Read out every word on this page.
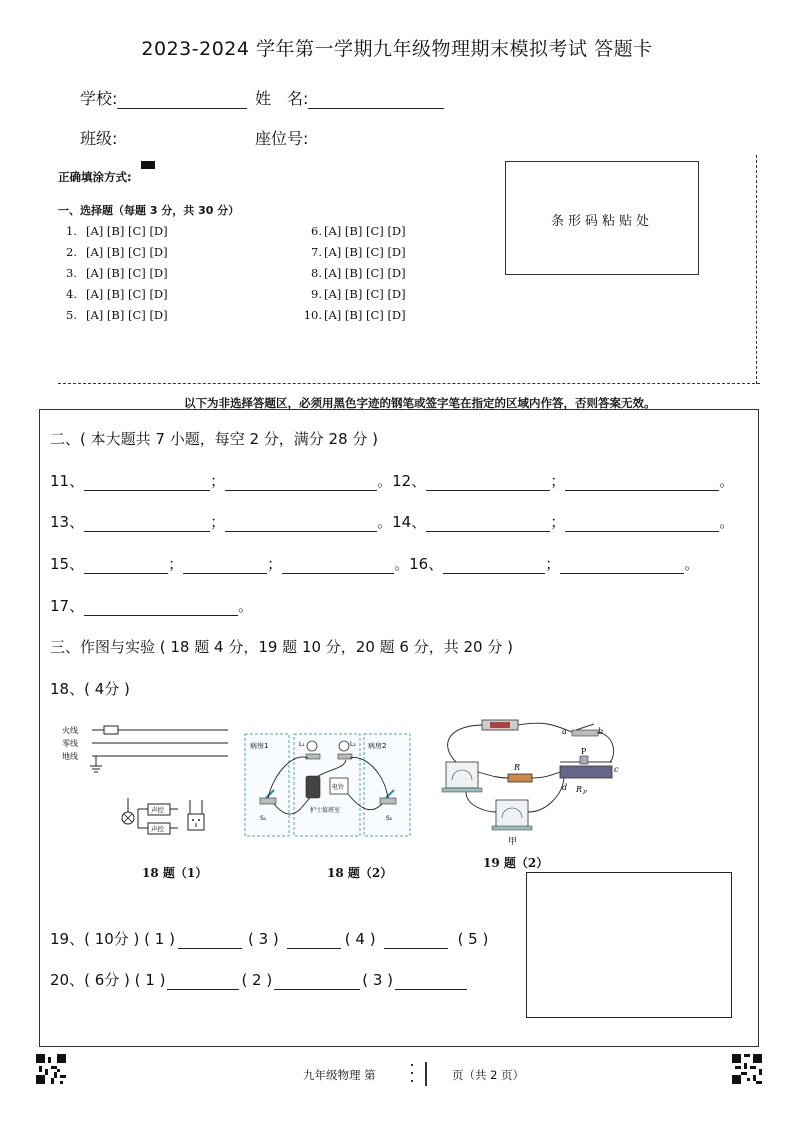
2023-2024 学年第一学期九年级物理期末模拟考试 答题卡
学校:	姓　名:
班级:	座位号:
正确填涂方式:
条形码粘贴处
一、选择题（每题 3 分，共 30 分）
1. [A] [B] [C] [D]
2. [A] [B] [C] [D]
3. [A] [B] [C] [D]
4. [A] [B] [C] [D]
5. [A] [B] [C] [D]
6. [A] [B] [C] [D]
7. [A] [B] [C] [D]
8. [A] [B] [C] [D]
9. [A] [B] [C] [D]
10. [A] [B] [C] [D]
以下为非选择答题区，必须用黑色字迹的钢笔或签字笔在指定的区域内作答，否则答案无效。
二、( 本大题共 7 小题，每空 2 分，满分 28 分 )
11、	；	。12、	；	。
13、	；	。14、	；	。
15、	；	；	。16、	；	。
17、	。
三、作图与实验 ( 18 题 4 分，19 题 10 分，20 题 6 分，共 20 分 )
18、( 4分 )
火线
零线
地线
声控
声控
18 题（1）
病房1	病房2
L₁	L₂
电铃
护士值班室
S₁	S₂
18 题（2）
a	b
R
甲
P
d
c
R P
19 题（2）
19、( 10分 ) ( 1 )	( 3 )	( 4 )	( 5 )
20、( 6分 ) ( 1 )	( 2 )	( 3 )
九年级物理 第	页（共 2 页）
